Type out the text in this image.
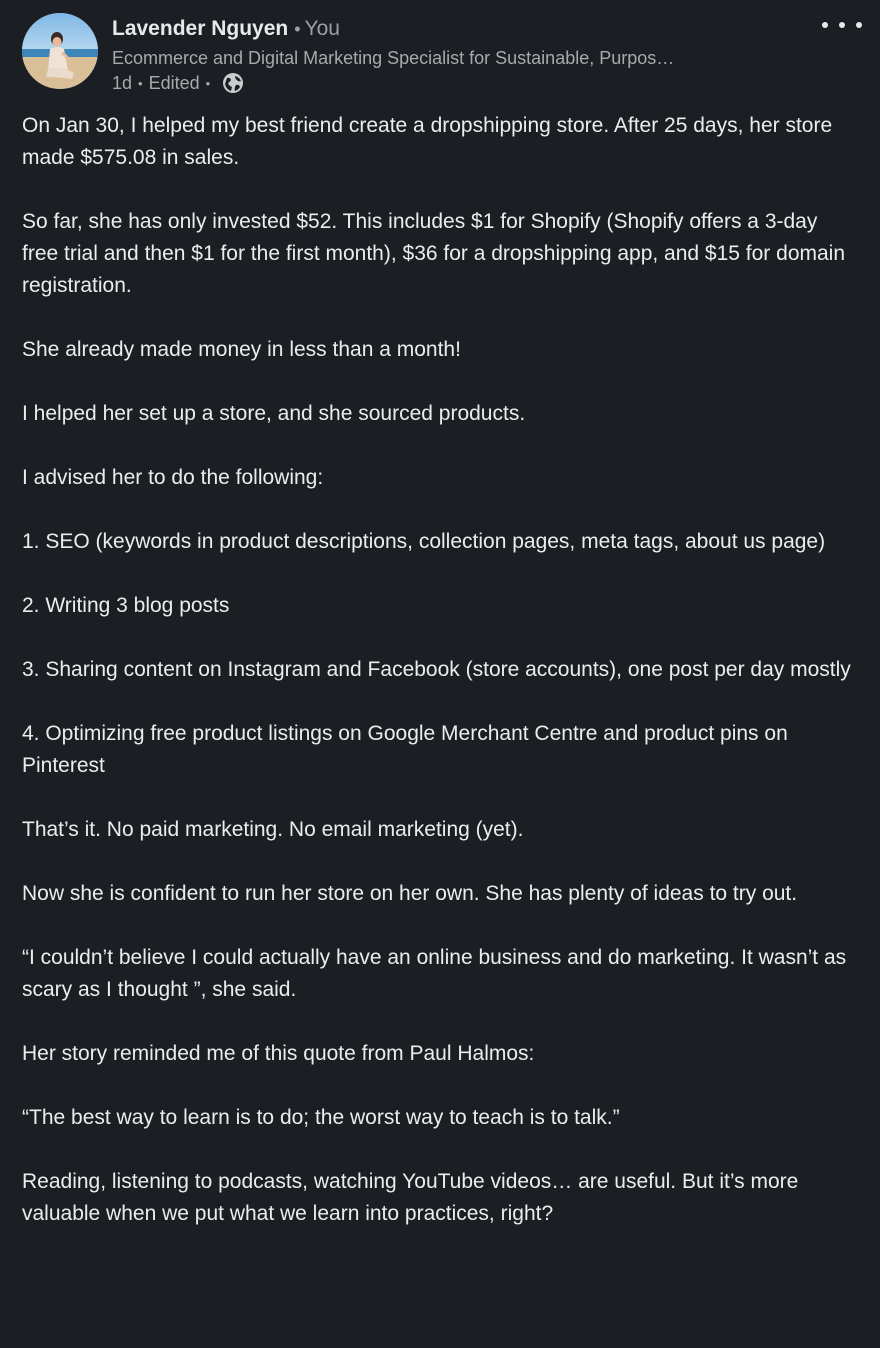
Lavender Nguyen • You
Ecommerce and Digital Marketing Specialist for Sustainable, Purpos…
1d • Edited •

On Jan 30, I helped my best friend create a dropshipping store. After 25 days, her store made $575.08 in sales.

So far, she has only invested $52. This includes $1 for Shopify (Shopify offers a 3-day free trial and then $1 for the first month), $36 for a dropshipping app, and $15 for domain registration.

She already made money in less than a month!

I helped her set up a store, and she sourced products.

I advised her to do the following:

1. SEO (keywords in product descriptions, collection pages, meta tags, about us page)

2. Writing 3 blog posts

3. Sharing content on Instagram and Facebook (store accounts), one post per day mostly

4. Optimizing free product listings on Google Merchant Centre and product pins on Pinterest

That’s it. No paid marketing. No email marketing (yet).

Now she is confident to run her store on her own. She has plenty of ideas to try out.

“I couldn’t believe I could actually have an online business and do marketing. It wasn’t as scary as I thought ”, she said.

Her story reminded me of this quote from Paul Halmos:

“The best way to learn is to do; the worst way to teach is to talk.”

Reading, listening to podcasts, watching YouTube videos… are useful. But it’s more valuable when we put what we learn into practices, right?
